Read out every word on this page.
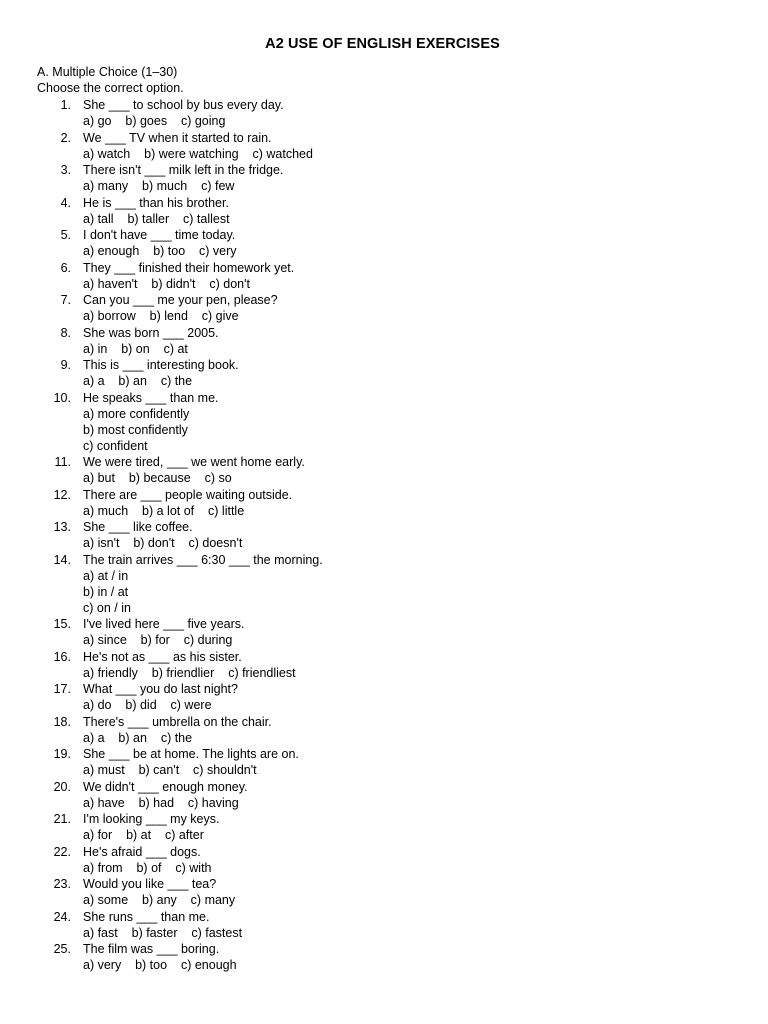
A2 USE OF ENGLISH EXERCISES

A. Multiple Choice (1–30)

Choose the correct option.

1. She ___ to school by bus every day.
a) go    b) goes    c) going
2. We ___ TV when it started to rain.
a) watch    b) were watching    c) watched
3. There isn't ___ milk left in the fridge.
a) many    b) much    c) few
4. He is ___ than his brother.
a) tall    b) taller    c) tallest
5. I don't have ___ time today.
a) enough    b) too    c) very
6. They ___ finished their homework yet.
a) haven't    b) didn't    c) don't
7. Can you ___ me your pen, please?
a) borrow    b) lend    c) give
8. She was born ___ 2005.
a) in    b) on    c) at
9. This is ___ interesting book.
a) a    b) an    c) the
10. He speaks ___ than me.
a) more confidently
b) most confidently
c) confident
11. We were tired, ___ we went home early.
a) but    b) because    c) so
12. There are ___ people waiting outside.
a) much    b) a lot of    c) little
13. She ___ like coffee.
a) isn't    b) don't    c) doesn't
14. The train arrives ___ 6:30 ___ the morning.
a) at / in
b) in / at
c) on / in
15. I've lived here ___ five years.
a) since    b) for    c) during
16. He's not as ___ as his sister.
a) friendly    b) friendlier    c) friendliest
17. What ___ you do last night?
a) do    b) did    c) were
18. There's ___ umbrella on the chair.
a) a    b) an    c) the
19. She ___ be at home. The lights are on.
a) must    b) can't    c) shouldn't
20. We didn't ___ enough money.
a) have    b) had    c) having
21. I'm looking ___ my keys.
a) for    b) at    c) after
22. He's afraid ___ dogs.
a) from    b) of    c) with
23. Would you like ___ tea?
a) some    b) any    c) many
24. She runs ___ than me.
a) fast    b) faster    c) fastest
25. The film was ___ boring.
a) very    b) too    c) enough
